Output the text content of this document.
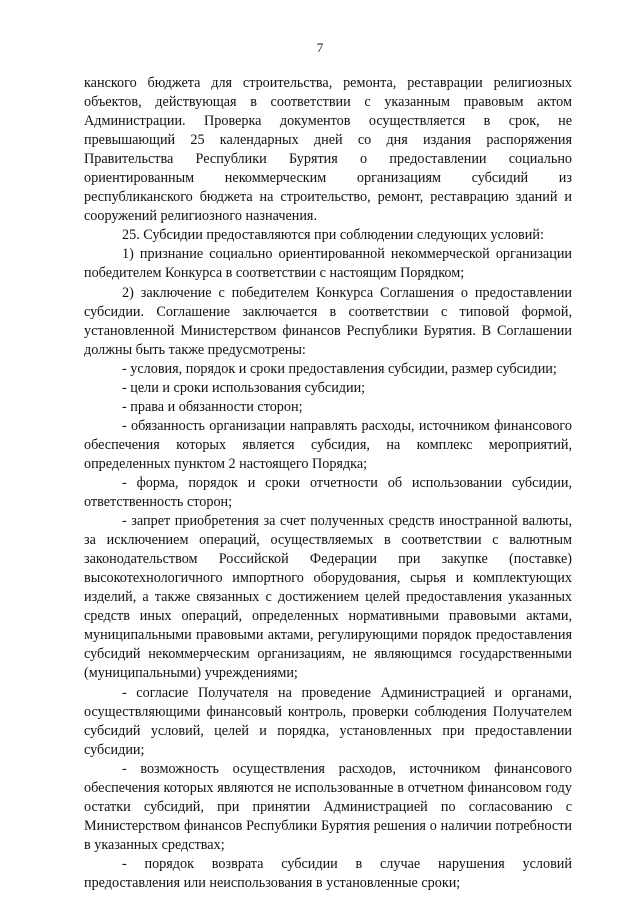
7

канского бюджета для строительства, ремонта, реставрации религиозных объектов, действующая в соответствии с указанным правовым актом Администрации. Проверка документов осуществляется в срок, не превышающий 25 календарных дней со дня издания распоряжения Правительства Республики Бурятия о предоставлении социально ориентированным некоммерческим организациям субсидий из республиканского бюджета на строительство, ремонт, реставрацию зданий и сооружений религиозного назначения.

25. Субсидии предоставляются при соблюдении следующих условий:

1) признание социально ориентированной некоммерческой организации победителем Конкурса в соответствии с настоящим Порядком;

2) заключение с победителем Конкурса Соглашения о предоставлении субсидии. Соглашение заключается в соответствии с типовой формой, установленной Министерством финансов Республики Бурятия. В Соглашении должны быть также предусмотрены:

- условия, порядок и сроки предоставления субсидии, размер субсидии;

- цели и сроки использования субсидии;

- права и обязанности сторон;

- обязанность организации направлять расходы, источником финансового обеспечения которых является субсидия, на комплекс мероприятий, определенных пунктом 2 настоящего Порядка;

- форма, порядок и сроки отчетности об использовании субсидии, ответственность сторон;

- запрет приобретения за счет полученных средств иностранной валюты, за исключением операций, осуществляемых в соответствии с валютным законодательством Российской Федерации при закупке (поставке) высокотехнологичного импортного оборудования, сырья и комплектующих изделий, а также связанных с достижением целей предоставления указанных средств иных операций, определенных нормативными правовыми актами, муниципальными правовыми актами, регулирующими порядок предоставления субсидий некоммерческим организациям, не являющимся государственными (муниципальными) учреждениями;

- согласие Получателя на проведение Администрацией и органами, осуществляющими финансовый контроль, проверки соблюдения Получателем субсидий условий, целей и порядка, установленных при предоставлении субсидии;

- возможность осуществления расходов, источником финансового обеспечения которых являются не использованные в отчетном финансовом году остатки субсидий, при принятии Администрацией по согласованию с Министерством финансов Республики Бурятия решения о наличии потребности в указанных средствах;

- порядок возврата субсидии в случае нарушения условий предоставления или неиспользования в установленные сроки;
